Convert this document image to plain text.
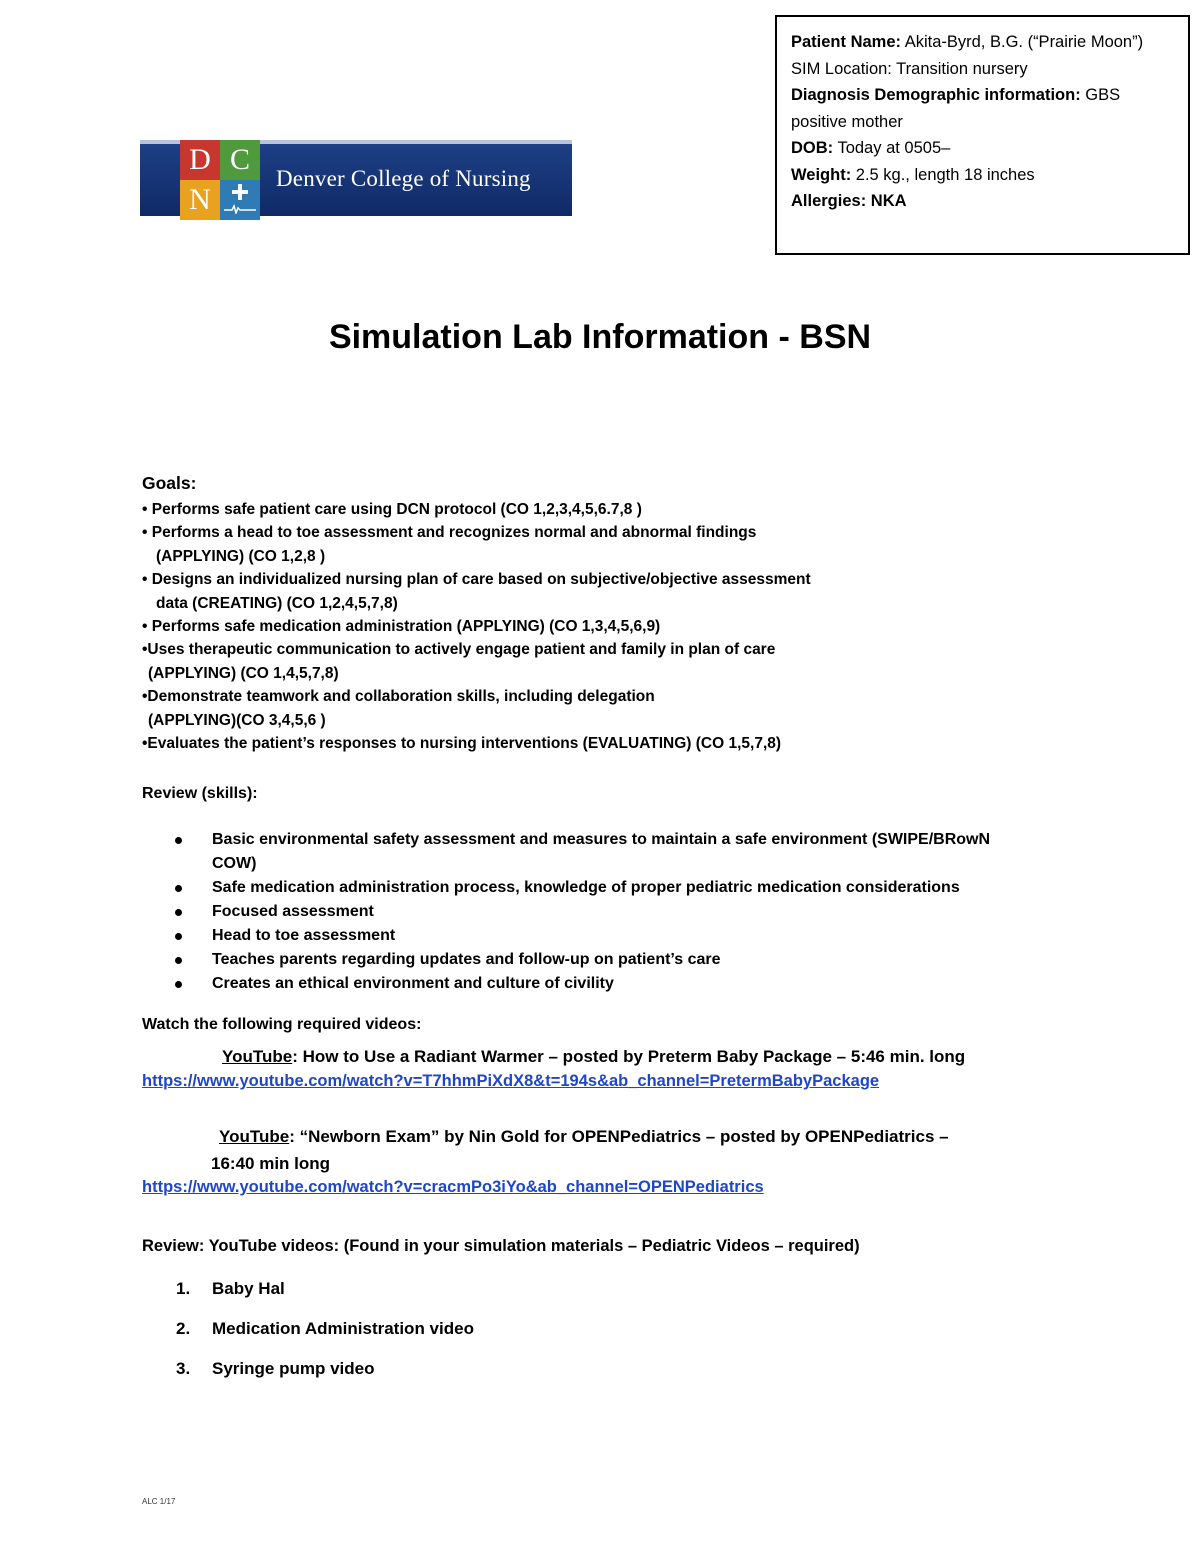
D C
N
Denver College of Nursing
Patient Name: Akita-Byrd, B.G. (“Prairie Moon”)
SIM Location: Transition nursery
Diagnosis Demographic information: GBS positive mother
DOB: Today at 0505–
Weight: 2.5 kg., length 18 inches
Allergies: NKA
Simulation Lab Information - BSN
Goals:
• Performs safe patient care using DCN protocol (CO 1,2,3,4,5,6.7,8 )
• Performs a head to toe assessment and recognizes normal and abnormal findings
(APPLYING) (CO 1,2,8 )
• Designs an individualized nursing plan of care based on subjective/objective assessment
data (CREATING) (CO 1,2,4,5,7,8)
• Performs safe medication administration (APPLYING) (CO 1,3,4,5,6,9)
•Uses therapeutic communication to actively engage patient and family in plan of care
(APPLYING) (CO 1,4,5,7,8)
•Demonstrate teamwork and collaboration skills, including delegation
(APPLYING)(CO 3,4,5,6 )
•Evaluates the patient’s responses to nursing interventions (EVALUATING) (CO 1,5,7,8)
Review (skills):
Basic environmental safety assessment and measures to maintain a safe environment (SWIPE/BRowN
COW)
Safe medication administration process, knowledge of proper pediatric medication considerations
Focused assessment
Head to toe assessment
Teaches parents regarding updates and follow-up on patient’s care
Creates an ethical environment and culture of civility
Watch the following required videos:
YouTube: How to Use a Radiant Warmer – posted by Preterm Baby Package – 5:46 min. long
https://www.youtube.com/watch?v=T7hhmPiXdX8&t=194s&ab_channel=PretermBabyPackage
YouTube: “Newborn Exam” by Nin Gold for OPENPediatrics – posted by OPENPediatrics –
16:40 min long
https://www.youtube.com/watch?v=cracmPo3iYo&ab_channel=OPENPediatrics
Review: YouTube videos: (Found in your simulation materials – Pediatric Videos – required)
1. Baby Hal
2. Medication Administration video
3. Syringe pump video
ALC 1/17
